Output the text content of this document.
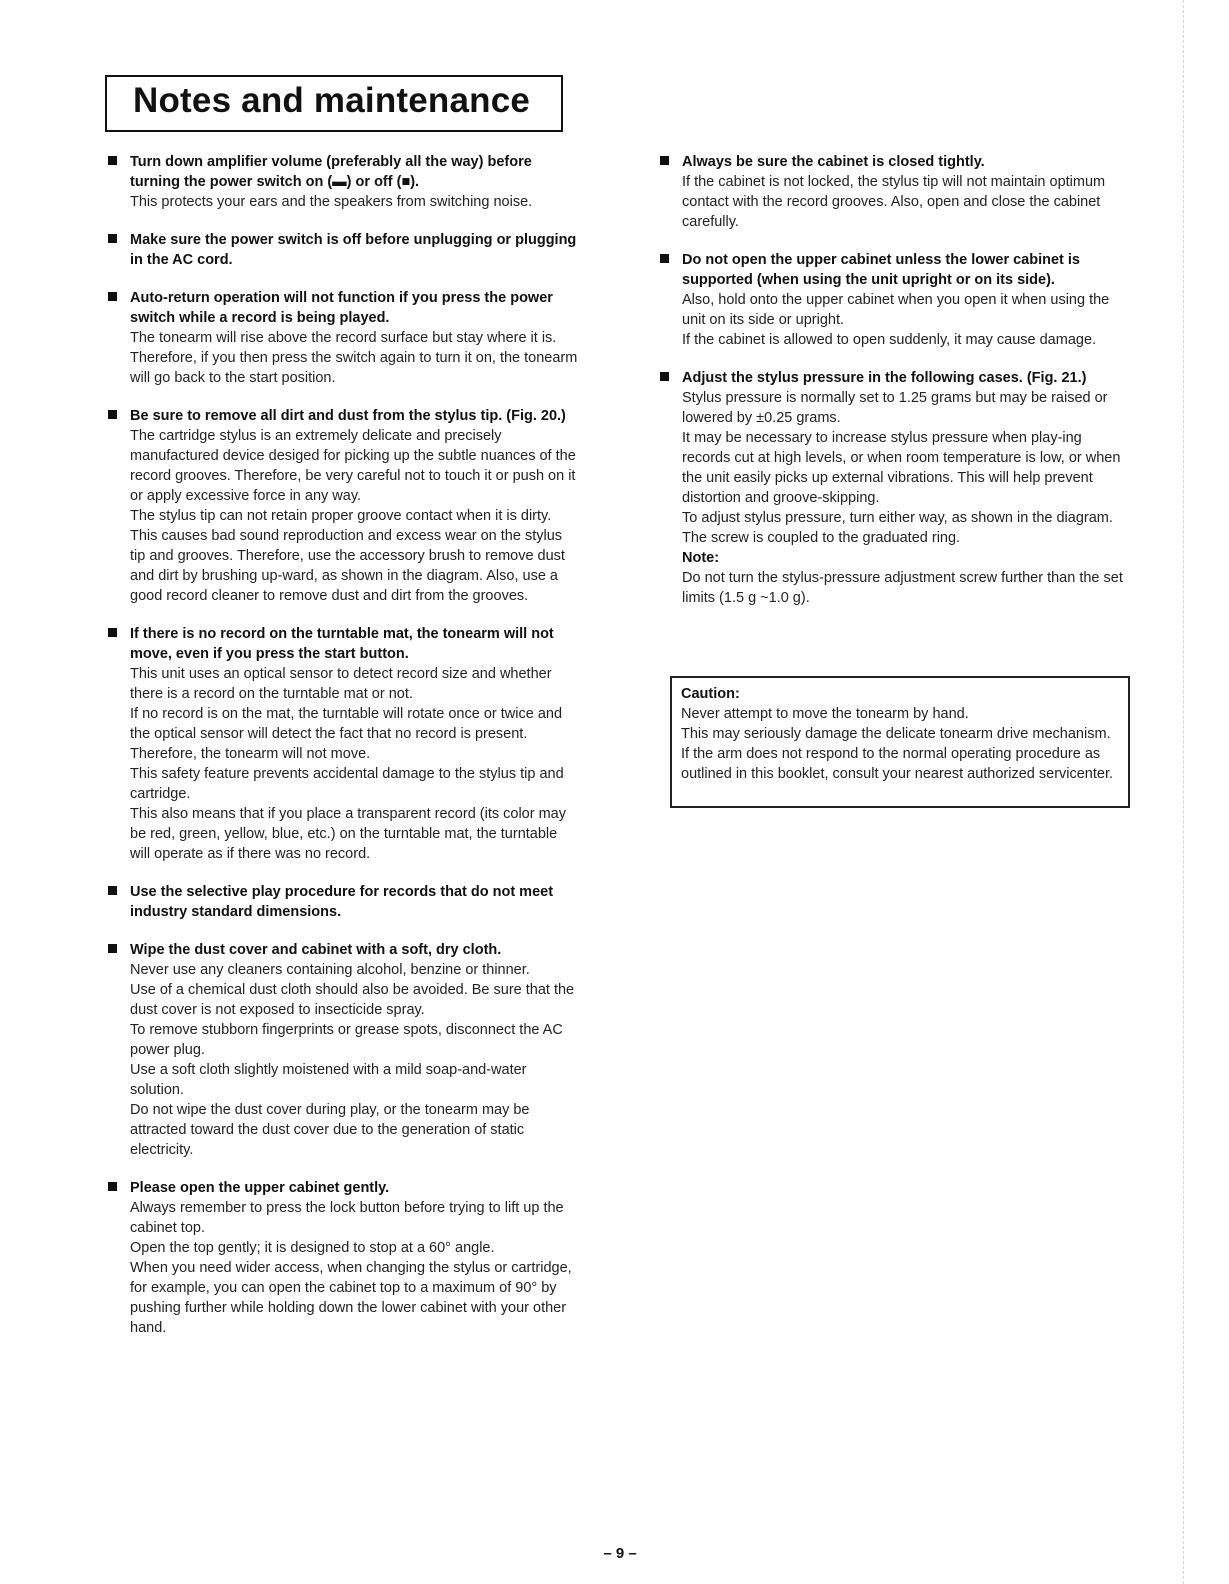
Notes and maintenance
Turn down amplifier volume (preferably all the way) before turning the power switch on (▬) or off (■).

This protects your ears and the speakers from switching noise.

Make sure the power switch is off before unplugging or plugging in the AC cord.
Auto-return operation will not function if you press the power switch while a record is being played.

The tonearm will rise above the record surface but stay where it is.

Therefore, if you then press the switch again to turn it on, the tonearm will go back to the start position.

Be sure to remove all dirt and dust from the stylus tip. (Fig. 20.)

The cartridge stylus is an extremely delicate and precisely manufactured device desiged for picking up the subtle nuances of the record grooves. Therefore, be very careful not to touch it or push on it or apply excessive force in any way.

The stylus tip can not retain proper groove contact when it is dirty. This causes bad sound reproduction and excess wear on the stylus tip and grooves. Therefore, use the accessory brush to remove dust and dirt by brushing up-ward, as shown in the diagram. Also, use a good record cleaner to remove dust and dirt from the grooves.

If there is no record on the turntable mat, the tonearm will not move, even if you press the start button.

This unit uses an optical sensor to detect record size and whether there is a record on the turntable mat or not.

If no record is on the mat, the turntable will rotate once or twice and the optical sensor will detect the fact that no record is present. Therefore, the tonearm will not move.

This safety feature prevents accidental damage to the stylus tip and cartridge.

This also means that if you place a transparent record (its color may be red, green, yellow, blue, etc.) on the turntable mat, the turntable will operate as if there was no record.

Use the selective play procedure for records that do not meet industry standard dimensions.
Wipe the dust cover and cabinet with a soft, dry cloth.

Never use any cleaners containing alcohol, benzine or thinner.

Use of a chemical dust cloth should also be avoided. Be sure that the dust cover is not exposed to insecticide spray.

To remove stubborn fingerprints or grease spots, disconnect the AC power plug.

Use a soft cloth slightly moistened with a mild soap-and-water solution.

Do not wipe the dust cover during play, or the tonearm may be attracted toward the dust cover due to the generation of static electricity.

Please open the upper cabinet gently.

Always remember to press the lock button before trying to lift up the cabinet top.

Open the top gently; it is designed to stop at a 60° angle.

When you need wider access, when changing the stylus or cartridge, for example, you can open the cabinet top to a maximum of 90° by pushing further while holding down the lower cabinet with your other hand.

Always be sure the cabinet is closed tightly.

If the cabinet is not locked, the stylus tip will not maintain optimum contact with the record grooves. Also, open and close the cabinet carefully.

Do not open the upper cabinet unless the lower cabinet is supported (when using the unit upright or on its side).

Also, hold onto the upper cabinet when you open it when using the unit on its side or upright.

If the cabinet is allowed to open suddenly, it may cause damage.

Adjust the stylus pressure in the following cases. (Fig. 21.)

Stylus pressure is normally set to 1.25 grams but may be raised or lowered by ±0.25 grams.

It may be necessary to increase stylus pressure when play-ing records cut at high levels, or when room temperature is low, or when the unit easily picks up external vibrations. This will help prevent distortion and groove-skipping.

To adjust stylus pressure, turn either way, as shown in the diagram. The screw is coupled to the graduated ring.

Note:

Do not turn the stylus-pressure adjustment screw further than the set limits (1.5 g ~1.0 g).

Caution:
Never attempt to move the tonearm by hand.
This may seriously damage the delicate tonearm drive mechanism. If the arm does not respond to the normal operating procedure as outlined in this booklet, consult your nearest authorized servicenter.
– 9 –
